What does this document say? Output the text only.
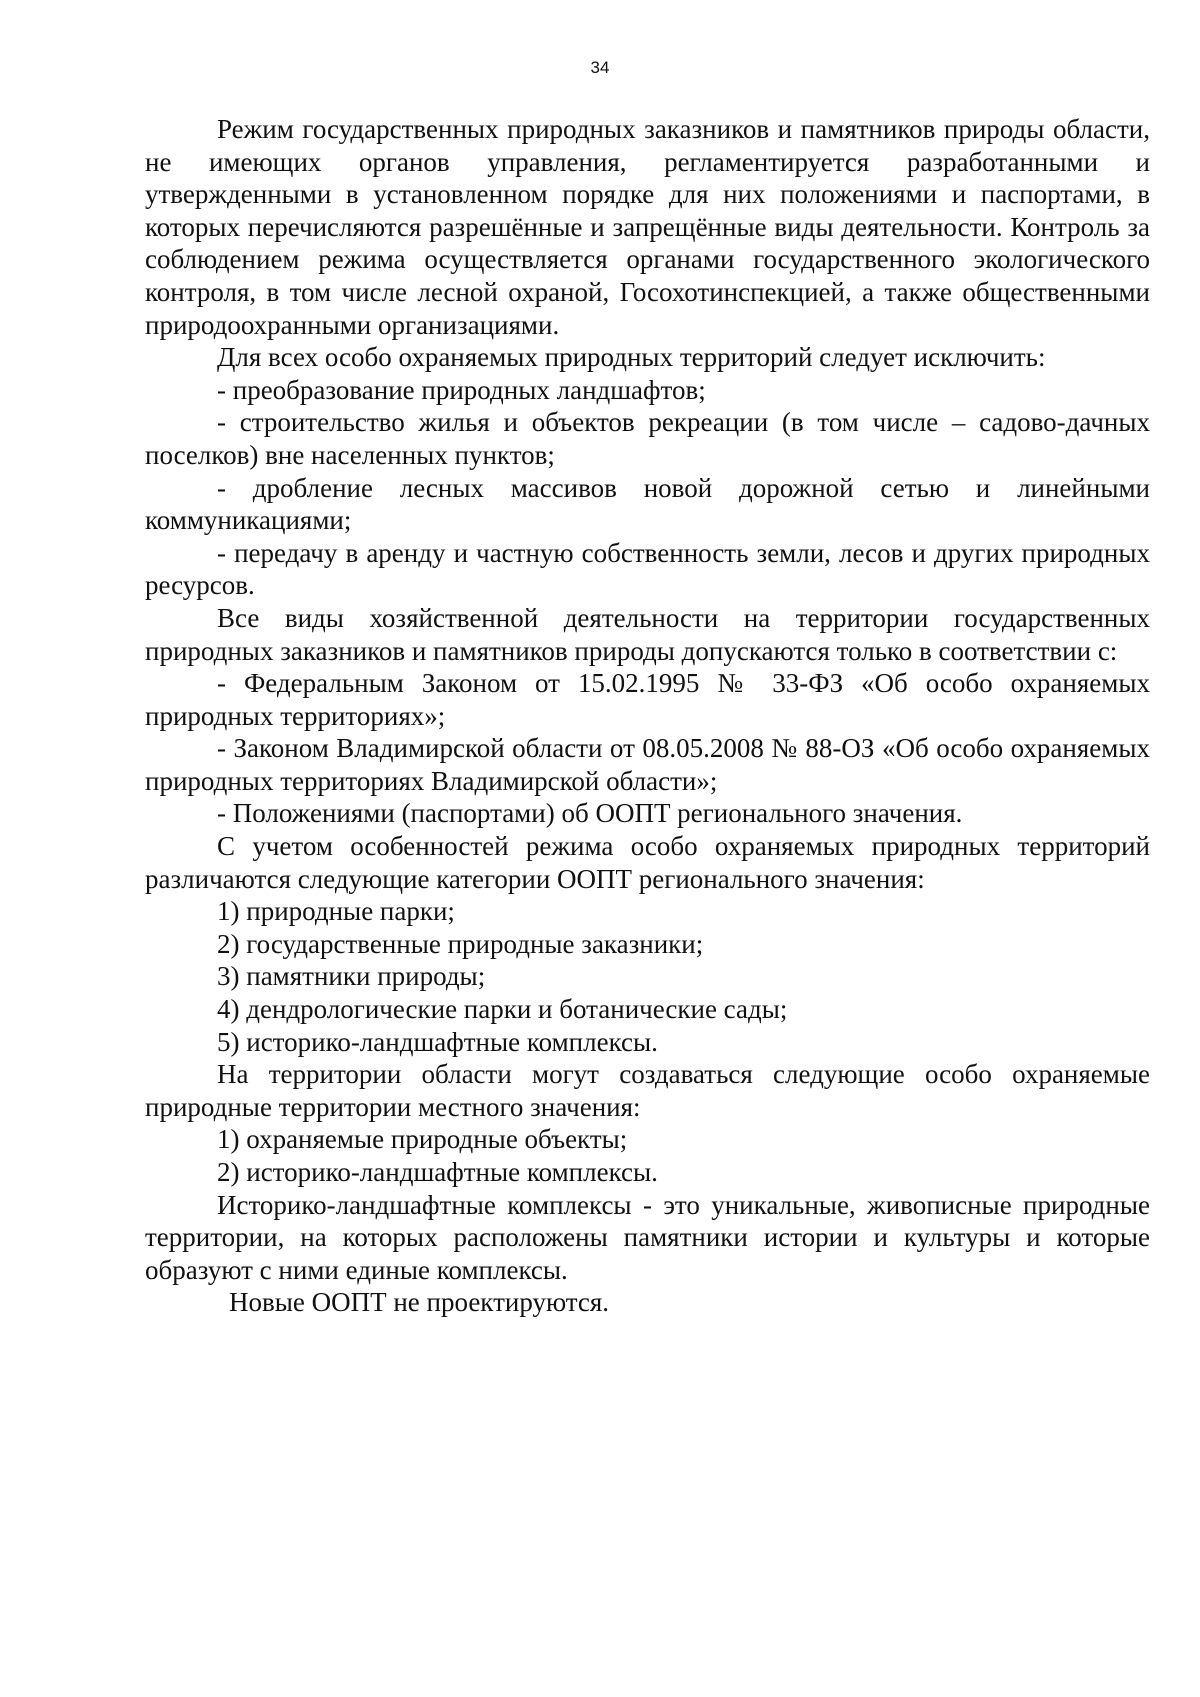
34

Режим государственных природных заказников и памятников природы области, не имеющих органов управления, регламентируется разработанными и утвержденными в установленном порядке для них положениями и паспортами, в которых перечисляются разрешённые и запрещённые виды деятельности. Контроль за соблюдением режима осуществляется органами государственного экологического контроля, в том числе лесной охраной, Госохотинспекцией, а также общественными природоохранными организациями.

Для всех особо охраняемых природных территорий следует исключить:

- преобразование природных ландшафтов;

- строительство жилья и объектов рекреации (в том числе – садово-дачных поселков) вне населенных пунктов;

- дробление лесных массивов новой дорожной сетью и линейными коммуникациями;

- передачу в аренду и частную собственность земли, лесов и других природных ресурсов.

Все виды хозяйственной деятельности на территории государственных природных заказников и памятников природы допускаются только в соответствии с:

- Федеральным Законом от 15.02.1995 № 33-ФЗ «Об особо охраняемых природных территориях»;

- Законом Владимирской области от 08.05.2008 № 88-ОЗ «Об особо охраняемых природных территориях Владимирской области»;

- Положениями (паспортами) об ООПТ регионального значения.

С учетом особенностей режима особо охраняемых природных территорий различаются следующие категории ООПТ регионального значения:

1) природные парки;

2) государственные природные заказники;

3) памятники природы;

4) дендрологические парки и ботанические сады;

5) историко-ландшафтные комплексы.

На территории области могут создаваться следующие особо охраняемые природные территории местного значения:

1) охраняемые природные объекты;

2) историко-ландшафтные комплексы.

Историко-ландшафтные комплексы - это уникальные, живописные природные территории, на которых расположены памятники истории и культуры и которые образуют с ними единые комплексы.

Новые ООПТ не проектируются.
